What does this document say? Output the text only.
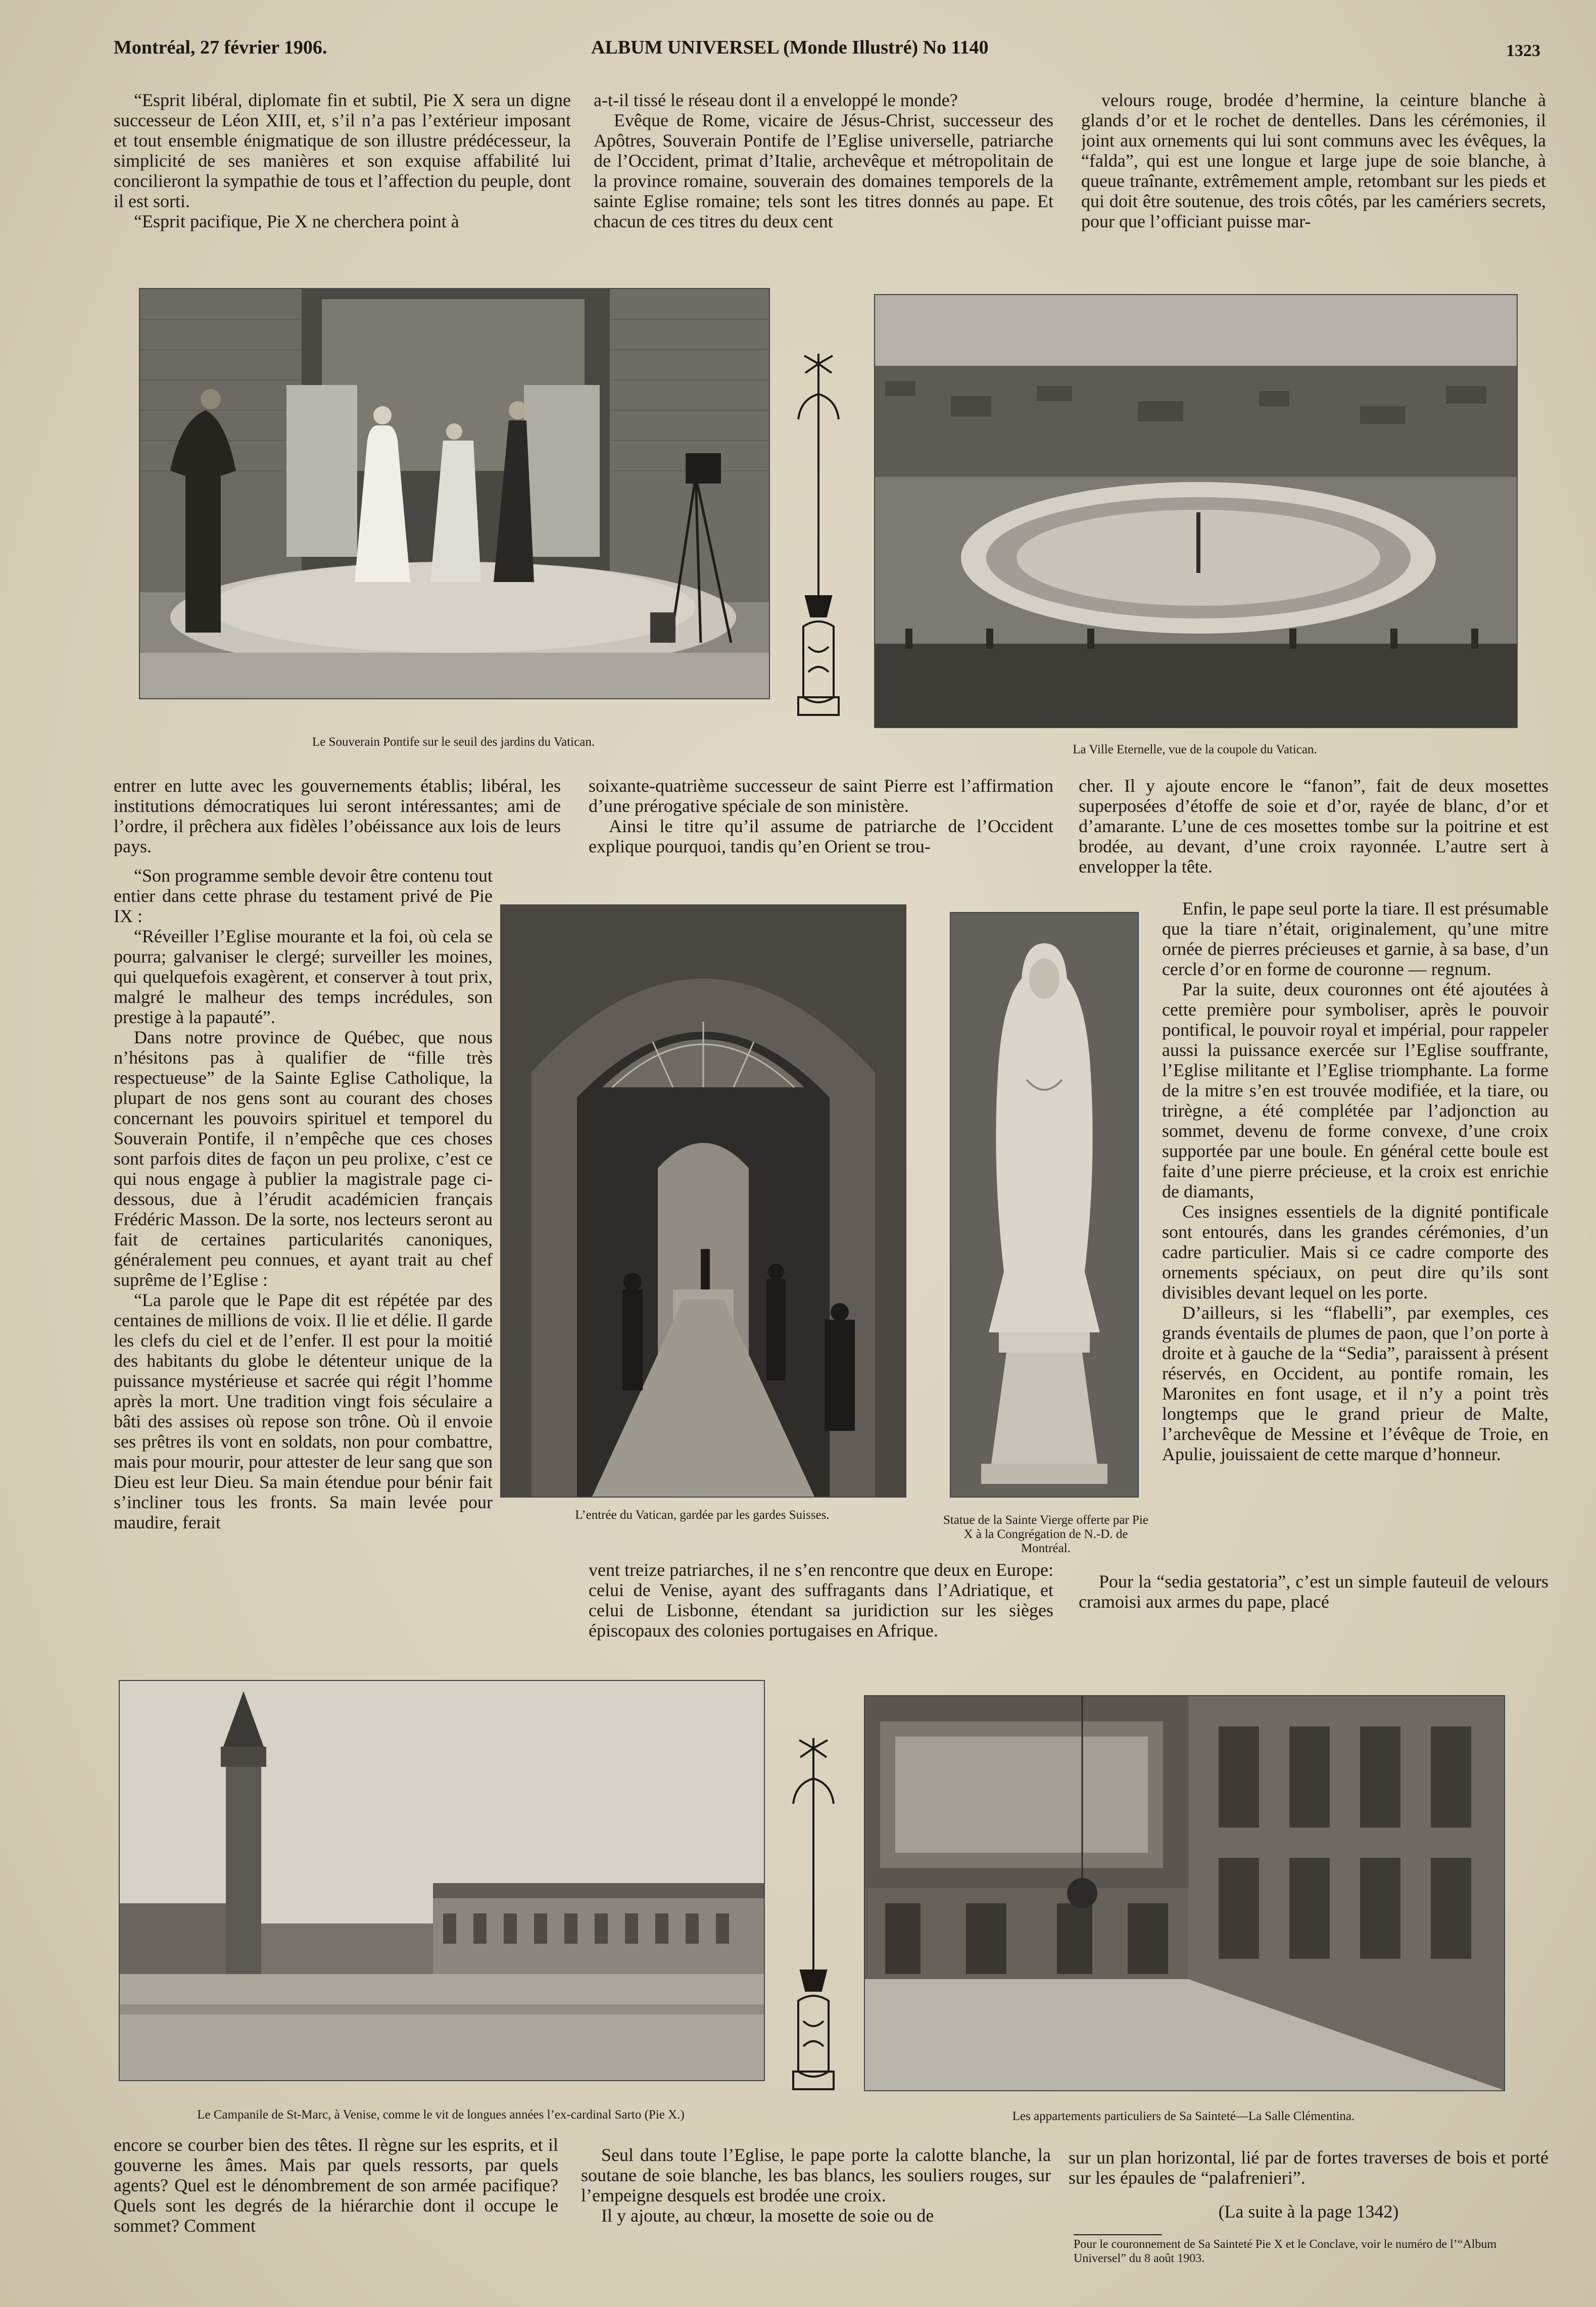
Montréal, 27 février 1906.	ALBUM UNIVERSEL (Monde Illustré) No 1140	1323

“Esprit libéral, diplomate fin et subtil, Pie X sera un digne successeur de Léon XIII, et, s’il n’a pas l’extérieur imposant et tout ensemble énigmatique de son illustre prédécesseur, la simplicité de ses manières et son exquise affabilité lui concilieront la sympathie de tous et l’affection du peuple, dont il est sorti.

“Esprit pacifique, Pie X ne cherchera point à

a-t-il tissé le réseau dont il a enveloppé le monde?

Evêque de Rome, vicaire de Jésus-Christ, successeur des Apôtres, Souverain Pontife de l’Eglise universelle, patriarche de l’Occident, primat d’Italie, archevêque et métropolitain de la province romaine, souverain des domaines temporels de la sainte Eglise romaine; tels sont les titres donnés au pape. Et chacun de ces titres du deux cent

velours rouge, brodée d’hermine, la ceinture blanche à glands d’or et le rochet de dentelles. Dans les cérémonies, il joint aux ornements qui lui sont communs avec les évêques, la “falda”, qui est une longue et large jupe de soie blanche, à queue traînante, extrêmement ample, retombant sur les pieds et qui doit être soutenue, des trois côtés, par les camériers secrets, pour que l’officiant puisse mar-

Le Souverain Pontife sur le seuil des jardins du Vatican.
La Ville Eternelle, vue de la coupole du Vatican.

entrer en lutte avec les gouvernements établis; libéral, les institutions démocratiques lui seront intéressantes; ami de l’ordre, il prêchera aux fidèles l’obéissance aux lois de leurs pays.

“Son programme semble devoir être contenu tout entier dans cette phrase du testament privé de Pie IX :

“Réveiller l’Eglise mourante et la foi, où cela se pourra; galvaniser le clergé; surveiller les moines, qui quelquefois exagèrent, et conserver à tout prix, malgré le malheur des temps incrédules, son prestige à la papauté”.

Dans notre province de Québec, que nous n’hésitons pas à qualifier de “fille très respectueuse” de la Sainte Eglise Catholique, la plupart de nos gens sont au courant des choses concernant les pouvoirs spirituel et temporel du Souverain Pontife, il n’empêche que ces choses sont parfois dites de façon un peu prolixe, c’est ce qui nous engage à publier la magistrale page ci-dessous, due à l’érudit académicien français Frédéric Masson. De la sorte, nos lecteurs seront au fait de certaines particularités canoniques, généralement peu connues, et ayant trait au chef suprême de l’Eglise :

“La parole que le Pape dit est répétée par des centaines de millions de voix. Il lie et délie. Il garde les clefs du ciel et de l’enfer. Il est pour la moitié des habitants du globe le détenteur unique de la puissance mystérieuse et sacrée qui régit l’homme après la mort. Une tradition vingt fois séculaire a bâti des assises où repose son trône. Où il envoie ses prêtres ils vont en soldats, non pour combattre, mais pour mourir, pour attester de leur sang que son Dieu est leur Dieu. Sa main étendue pour bénir fait s’incliner tous les fronts. Sa main levée pour maudire, ferait

soixante-quatrième successeur de saint Pierre est l’affirmation d’une prérogative spéciale de son ministère.

Ainsi le titre qu’il assume de patriarche de l’Occident explique pourquoi, tandis qu’en Orient se trou-

L’entrée du Vatican, gardée par les gardes Suisses.	Statue de la Sainte Vierge offerte par Pie X à la Congrégation de N.-D. de Montréal.

vent treize patriarches, il ne s’en rencontre que deux en Europe: celui de Venise, ayant des suffragants dans l’Adriatique, et celui de Lisbonne, étendant sa juridiction sur les sièges épiscopaux des colonies portugaises en Afrique.

cher. Il y ajoute encore le “fanon”, fait de deux mosettes superposées d’étoffe de soie et d’or, rayée de blanc, d’or et d’amarante. L’une de ces mosettes tombe sur la poitrine et est brodée, au devant, d’une croix rayonnée. L’autre sert à envelopper la tête.

Enfin, le pape seul porte la tiare. Il est présumable que la tiare n’était, originalement, qu’une mitre ornée de pierres précieuses et garnie, à sa base, d’un cercle d’or en forme de couronne — regnum.

Par la suite, deux couronnes ont été ajoutées à cette première pour symboliser, après le pouvoir pontifical, le pouvoir royal et impérial, pour rappeler aussi la puissance exercée sur l’Eglise souffrante, l’Eglise militante et l’Eglise triomphante. La forme de la mitre s’en est trouvée modifiée, et la tiare, ou trirègne, a été complétée par l’adjonction au sommet, devenu de forme convexe, d’une croix supportée par une boule. En général cette boule est faite d’une pierre précieuse, et la croix est enrichie de diamants,

Ces insignes essentiels de la dignité pontificale sont entourés, dans les grandes cérémonies, d’un cadre particulier. Mais si ce cadre comporte des ornements spéciaux, on peut dire qu’ils sont divisibles devant lequel on les porte.

D’ailleurs, si les “flabelli”, par exemples, ces grands éventails de plumes de paon, que l’on porte à droite et à gauche de la “Sedia”, paraissent à présent réservés, en Occident, au pontife romain, les Maronites en font usage, et il n’y a point très longtemps que le grand prieur de Malte, l’archevêque de Messine et l’évêque de Troie, en Apulie, jouissaient de cette marque d’honneur.

Pour la “sedia gestatoria”, c’est un simple fauteuil de velours cramoisi aux armes du pape, placé

Le Campanile de St-Marc, à Venise, comme le vit de longues années l’ex-cardinal Sarto (Pie X.)	Les appartements particuliers de Sa Sainteté—La Salle Clémentina.

encore se courber bien des têtes. Il règne sur les esprits, et il gouverne les âmes. Mais par quels ressorts, par quels agents? Quel est le dénombrement de son armée pacifique? Quels sont les degrés de la hiérarchie dont il occupe le sommet? Comment

Seul dans toute l’Eglise, le pape porte la calotte blanche, la soutane de soie blanche, les bas blancs, les souliers rouges, sur l’empeigne desquels est brodée une croix.

Il y ajoute, au chœur, la mosette de soie ou de

sur un plan horizontal, lié par de fortes traverses de bois et porté sur les épaules de “palafrenieri”.

(La suite à la page 1342)
Pour le couronnement de Sa Sainteté Pie X et le Conclave, voir le numéro de l’“Album Universel” du 8 août 1903.
